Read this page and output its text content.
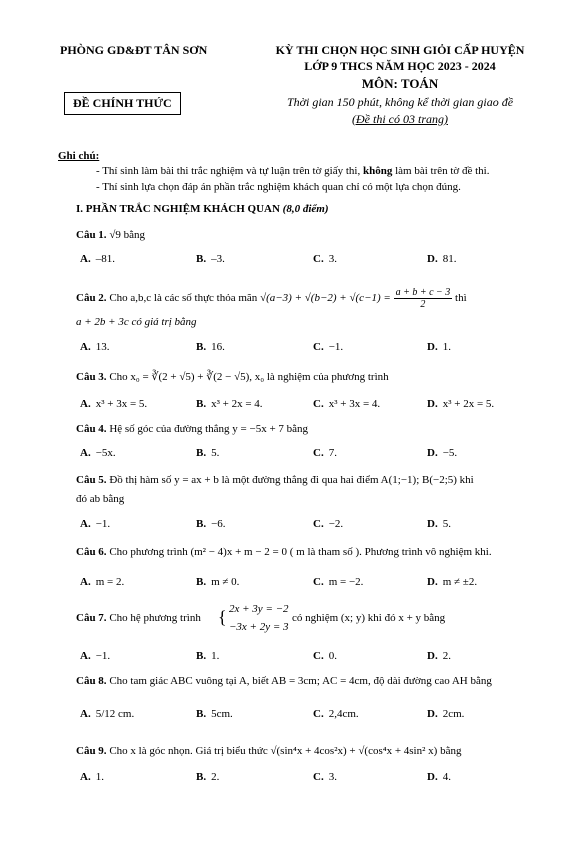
PHÒNG GD&ĐT TÂN SƠN
ĐỀ CHÍNH THỨC
KỲ THI CHỌN HỌC SINH GIỎI CẤP HUYỆN
LỚP 9 THCS NĂM HỌC 2023 - 2024
MÔN: TOÁN
Thời gian 150 phút, không kể thời gian giao đề
(Đề thi có 03 trang)
Ghi chú:
- Thí sinh làm bài thi trắc nghiệm và tự luận trên tờ giấy thi, không làm bài trên tờ đề thi.
- Thí sinh lựa chọn đáp án phần trắc nghiệm khách quan chỉ có một lựa chọn đúng.
I. PHẦN TRẮC NGHIỆM KHÁCH QUAN (8,0 điểm)
Câu 1. √9 bằng
A. –81.	B. –3.	C. 3.	D. 81.
Câu 2. Cho a,b,c là các số thực thỏa mãn $√(a-3) + √(b-2) + √(c-1) = \frac{a + b + c - 3}{2}$ thì
a + 2b + 3c có giá trị bằng
A. 13.	B. 16.	C. −1.	D. 1.
Câu 3. Cho x₀ = ∛(2 + √5) + ∛(2 − √5), x₀ là nghiệm của phương trình
A. x³ + 3x = 5.	B. x³ + 2x = 4.	C. x³ + 3x = 4.	D. x³ + 2x = 5.
Câu 4. Hệ số góc của đường thẳng y = −5x + 7 bằng
A. −5x.	B. 5.	C. 7.	D. −5.
Câu 5. Đồ thị hàm số y = ax + b là một đường thẳng đi qua hai điểm A(1;−1); B(−2;5) khi
đó ab bằng
A. −1.	B. −6.	C. −2.	D. 5.
Câu 6. Cho phương trình (m² − 4)x + m − 2 = 0 ( m là tham số ). Phương trình vô nghiệm khi.
A. m = 2.	B. m ≠ 0.	C. m = −2.	D. m ≠ ±2.
Câu 7. Cho hệ phương trình { 2x + 3y = −2
−3x + 2y = 3
có nghiệm (x; y) khi đó x + y bằng
A. −1.	B. 1.	C. 0.	D. 2.
Câu 8. Cho tam giác ABC vuông tại A, biết AB = 3cm; AC = 4cm, độ dài đường cao AH bằng
A. 5/12 cm.	B. 5cm.	C. 2,4cm.	D. 2cm.
Câu 9. Cho x là góc nhọn. Giá trị biểu thức √(sin⁴x + 4cos²x) + √(cos⁴x + 4sin² x) bằng
A. 1.	B. 2.	C. 3.	D. 4.
